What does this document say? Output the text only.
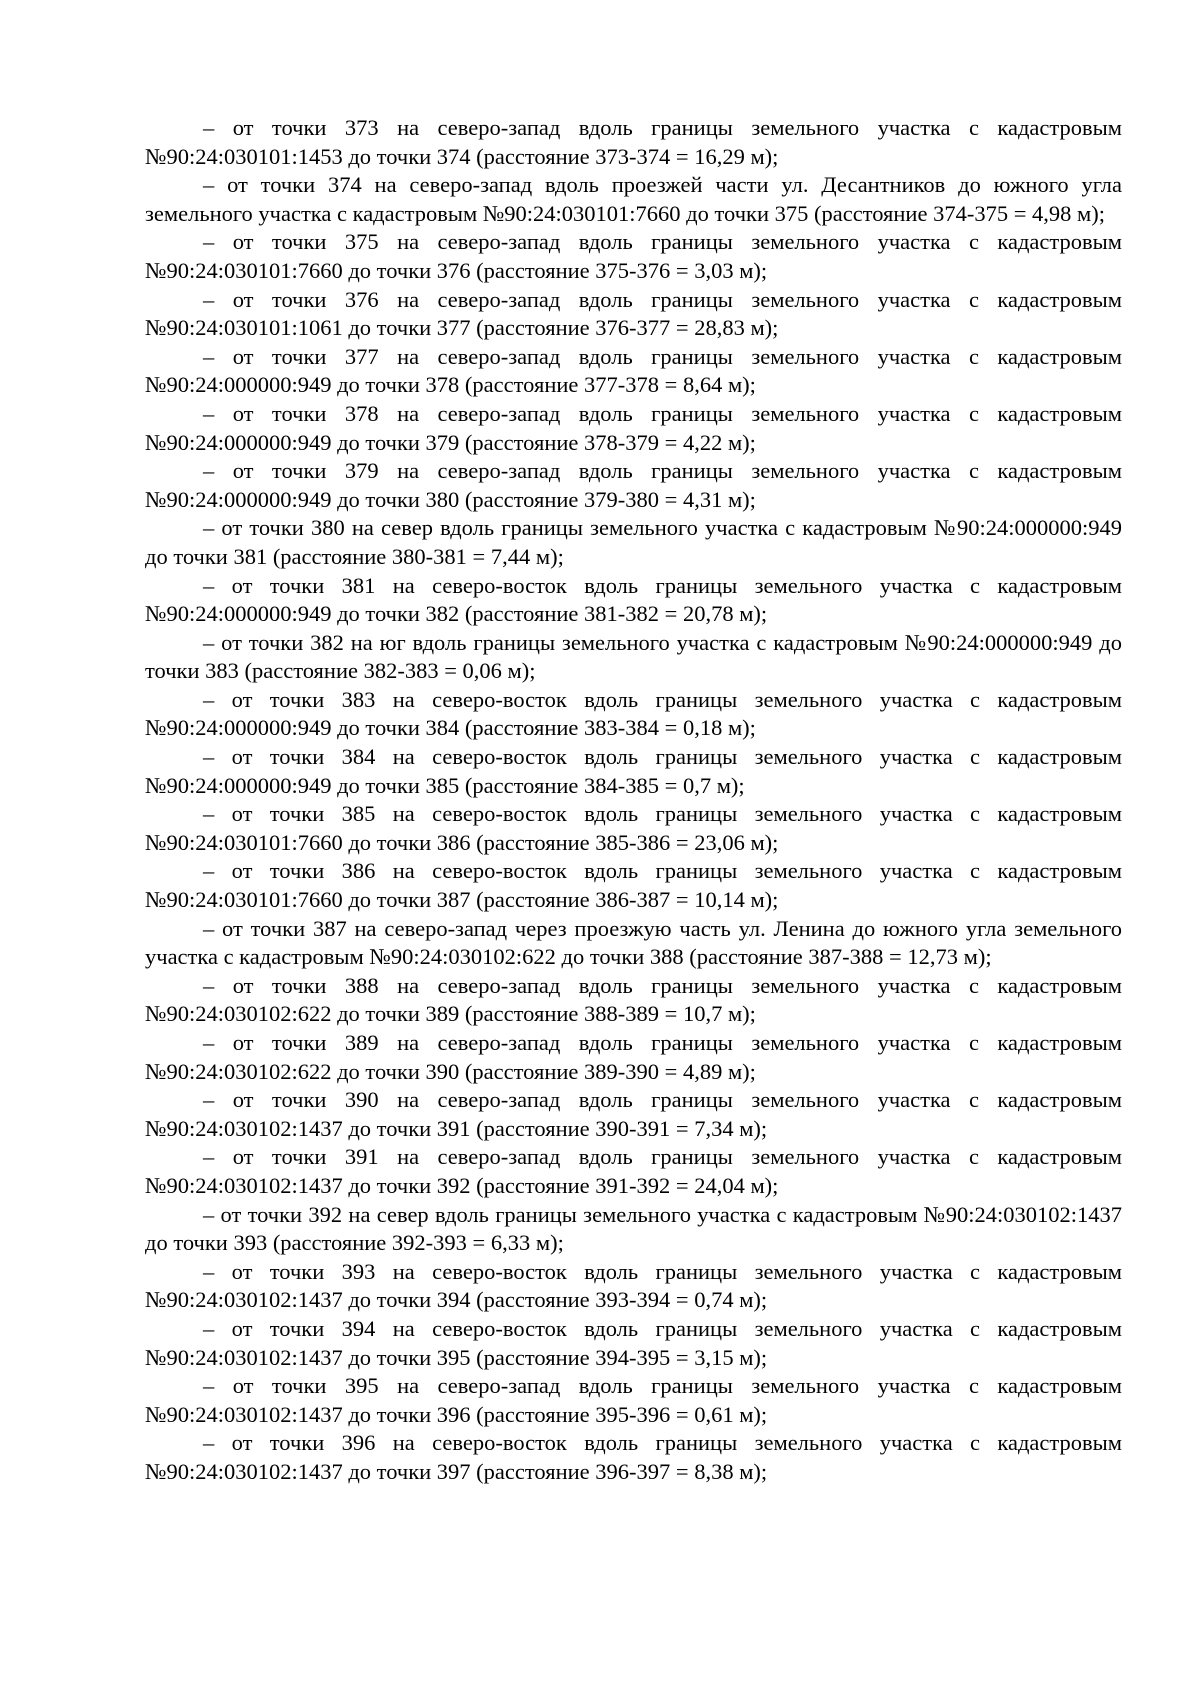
– от точки 373 на северо-запад вдоль границы земельного участка с кадастровым №90:24:030101:1453 до точки 374 (расстояние 373-374 = 16,29 м);

– от точки 374 на северо-запад вдоль проезжей части ул. Десантников до южного угла земельного участка с кадастровым №90:24:030101:7660 до точки 375 (расстояние 374-375 = 4,98 м);

– от точки 375 на северо-запад вдоль границы земельного участка с кадастровым №90:24:030101:7660 до точки 376 (расстояние 375-376 = 3,03 м);

– от точки 376 на северо-запад вдоль границы земельного участка с кадастровым №90:24:030101:1061 до точки 377 (расстояние 376-377 = 28,83 м);

– от точки 377 на северо-запад вдоль границы земельного участка с кадастровым №90:24:000000:949 до точки 378 (расстояние 377-378 = 8,64 м);

– от точки 378 на северо-запад вдоль границы земельного участка с кадастровым №90:24:000000:949 до точки 379 (расстояние 378-379 = 4,22 м);

– от точки 379 на северо-запад вдоль границы земельного участка с кадастровым №90:24:000000:949 до точки 380 (расстояние 379-380 = 4,31 м);

– от точки 380 на север вдоль границы земельного участка с кадастровым №90:24:000000:949 до точки 381 (расстояние 380-381 = 7,44 м);

– от точки 381 на северо-восток вдоль границы земельного участка с кадастровым №90:24:000000:949 до точки 382 (расстояние 381-382 = 20,78 м);

– от точки 382 на юг вдоль границы земельного участка с кадастровым №90:24:000000:949 до точки 383 (расстояние 382-383 = 0,06 м);

– от точки 383 на северо-восток вдоль границы земельного участка с кадастровым №90:24:000000:949 до точки 384 (расстояние 383-384 = 0,18 м);

– от точки 384 на северо-восток вдоль границы земельного участка с кадастровым №90:24:000000:949 до точки 385 (расстояние 384-385 = 0,7 м);

– от точки 385 на северо-восток вдоль границы земельного участка с кадастровым №90:24:030101:7660 до точки 386 (расстояние 385-386 = 23,06 м);

– от точки 386 на северо-восток вдоль границы земельного участка с кадастровым №90:24:030101:7660 до точки 387 (расстояние 386-387 = 10,14 м);

– от точки 387 на северо-запад через проезжую часть ул. Ленина до южного угла земельного участка с кадастровым №90:24:030102:622 до точки 388 (расстояние 387-388 = 12,73 м);

– от точки 388 на северо-запад вдоль границы земельного участка с кадастровым №90:24:030102:622 до точки 389 (расстояние 388-389 = 10,7 м);

– от точки 389 на северо-запад вдоль границы земельного участка с кадастровым №90:24:030102:622 до точки 390 (расстояние 389-390 = 4,89 м);

– от точки 390 на северо-запад вдоль границы земельного участка с кадастровым №90:24:030102:1437 до точки 391 (расстояние 390-391 = 7,34 м);

– от точки 391 на северо-запад вдоль границы земельного участка с кадастровым №90:24:030102:1437 до точки 392 (расстояние 391-392 = 24,04 м);

– от точки 392 на север вдоль границы земельного участка с кадастровым №90:24:030102:1437 до точки 393 (расстояние 392-393 = 6,33 м);

– от точки 393 на северо-восток вдоль границы земельного участка с кадастровым №90:24:030102:1437 до точки 394 (расстояние 393-394 = 0,74 м);

– от точки 394 на северо-восток вдоль границы земельного участка с кадастровым №90:24:030102:1437 до точки 395 (расстояние 394-395 = 3,15 м);

– от точки 395 на северо-запад вдоль границы земельного участка с кадастровым №90:24:030102:1437 до точки 396 (расстояние 395-396 = 0,61 м);

– от точки 396 на северо-восток вдоль границы земельного участка с кадастровым №90:24:030102:1437 до точки 397 (расстояние 396-397 = 8,38 м);
